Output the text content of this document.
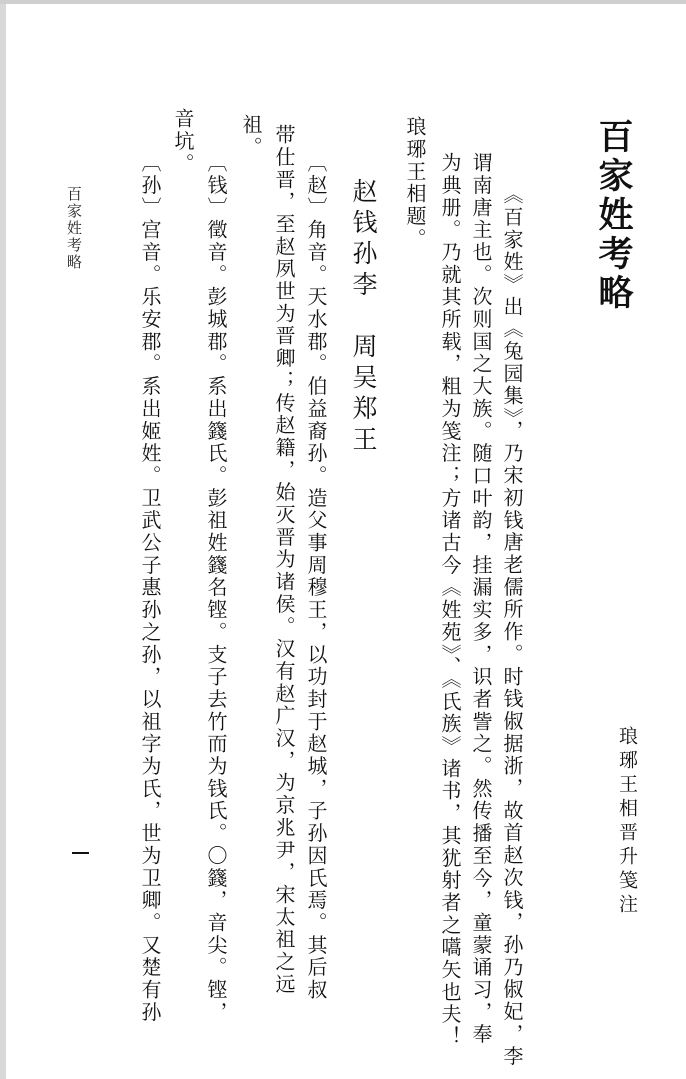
百家姓考略
琅琊王相晋升笺注
《百家姓》出《兔园集》，乃宋初钱唐老儒所作。时钱俶据浙，故首赵次钱，孙乃俶妃，李
谓南唐主也。次则国之大族。随口叶韵，挂漏实多，识者訾之。然传播至今，童蒙诵习，奉
为典册。乃就其所载，粗为笺注；方诸古今《姓苑》、《氏族》诸书，其犹射者之嚆矢也夫！
琅琊王相题。
赵钱孙李　周吴郑王
〔赵〕角音。天水郡。伯益裔孙。造父事周穆王，以功封于赵城，子孙因氏焉。其后叔
带仕晋，至赵夙世为晋卿；传赵籍，始灭晋为诸侯。汉有赵广汉，为京兆尹，宋太祖之远
祖。
〔钱〕徵音。彭城郡。系出籛氏。彭祖姓籛名铿。支子去竹而为钱氏。〇籛，音尖。铿，
音坑。
〔孙〕宫音。乐安郡。系出姬姓。卫武公子惠孙之孙，以祖字为氏，世为卫卿。又楚有孙
百家姓考略
